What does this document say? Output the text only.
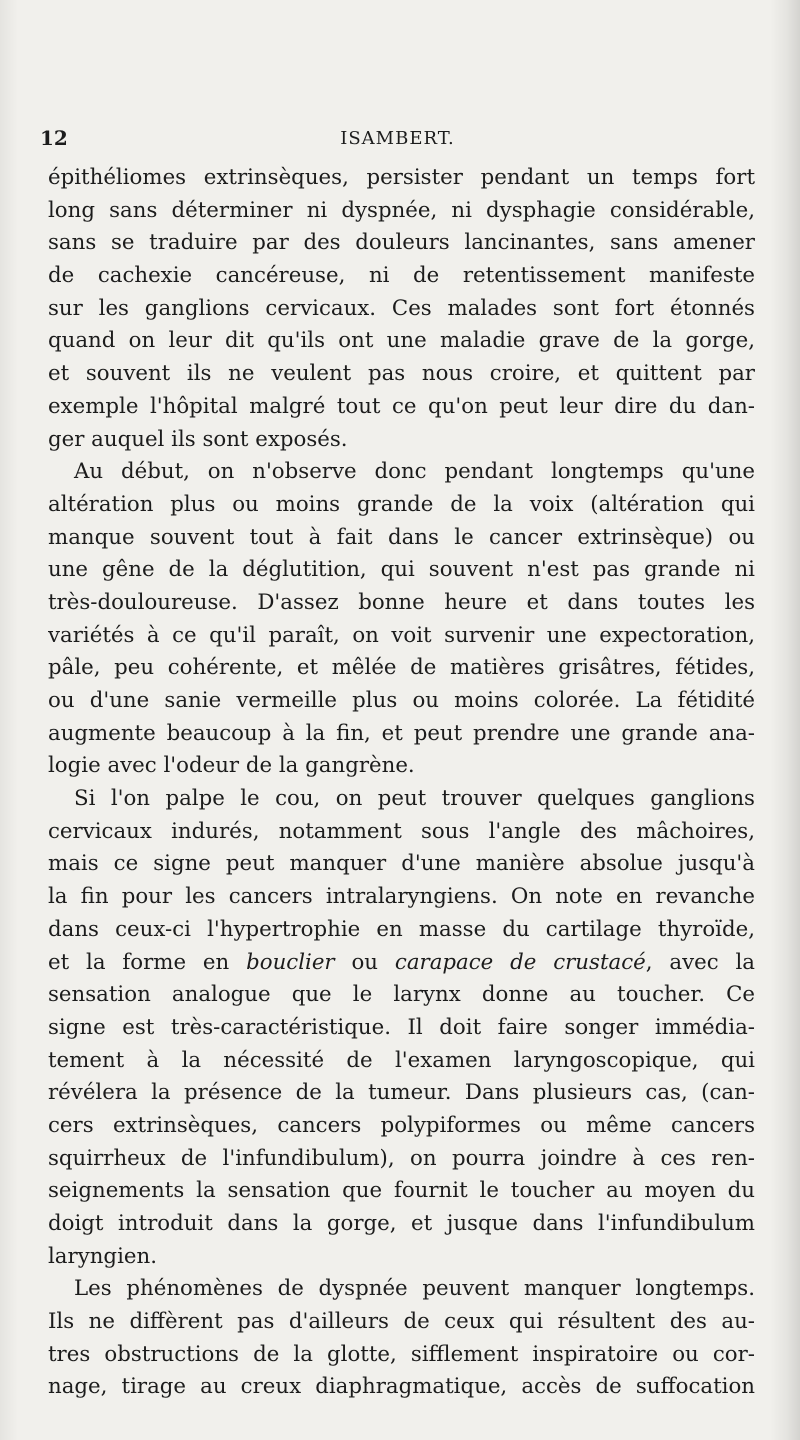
12	ISAMBERT.
épithéliomes extrinsèques, persister pendant un temps fort
long sans déterminer ni dyspnée, ni dysphagie considérable,
sans se traduire par des douleurs lancinantes, sans amener
de cachexie cancéreuse, ni de retentissement manifeste
sur les ganglions cervicaux. Ces malades sont fort étonnés
quand on leur dit qu'ils ont une maladie grave de la gorge,
et souvent ils ne veulent pas nous croire, et quittent par
exemple l'hôpital malgré tout ce qu'on peut leur dire du dan-
ger auquel ils sont exposés.
Au début, on n'observe donc pendant longtemps qu'une
altération plus ou moins grande de la voix (altération qui
manque souvent tout à fait dans le cancer extrinsèque) ou
une gêne de la déglutition, qui souvent n'est pas grande ni
très-douloureuse. D'assez bonne heure et dans toutes les
variétés à ce qu'il paraît, on voit survenir une expectoration,
pâle, peu cohérente, et mêlée de matières grisâtres, fétides,
ou d'une sanie vermeille plus ou moins colorée. La fétidité
augmente beaucoup à la fin, et peut prendre une grande ana-
logie avec l'odeur de la gangrène.
Si l'on palpe le cou, on peut trouver quelques ganglions
cervicaux indurés, notamment sous l'angle des mâchoires,
mais ce signe peut manquer d'une manière absolue jusqu'à
la fin pour les cancers intralaryngiens. On note en revanche
dans ceux-ci l'hypertrophie en masse du cartilage thyroïde,
et la forme en bouclier ou carapace de crustacé, avec la
sensation analogue que le larynx donne au toucher. Ce
signe est très-caractéristique. Il doit faire songer immédia-
tement à la nécessité de l'examen laryngoscopique, qui
révélera la présence de la tumeur. Dans plusieurs cas, (can-
cers extrinsèques, cancers polypiformes ou même cancers
squirrheux de l'infundibulum), on pourra joindre à ces ren-
seignements la sensation que fournit le toucher au moyen du
doigt introduit dans la gorge, et jusque dans l'infundibulum
laryngien.
Les phénomènes de dyspnée peuvent manquer longtemps.
Ils ne diffèrent pas d'ailleurs de ceux qui résultent des au-
tres obstructions de la glotte, sifflement inspiratoire ou cor-
nage, tirage au creux diaphragmatique, accès de suffocation
